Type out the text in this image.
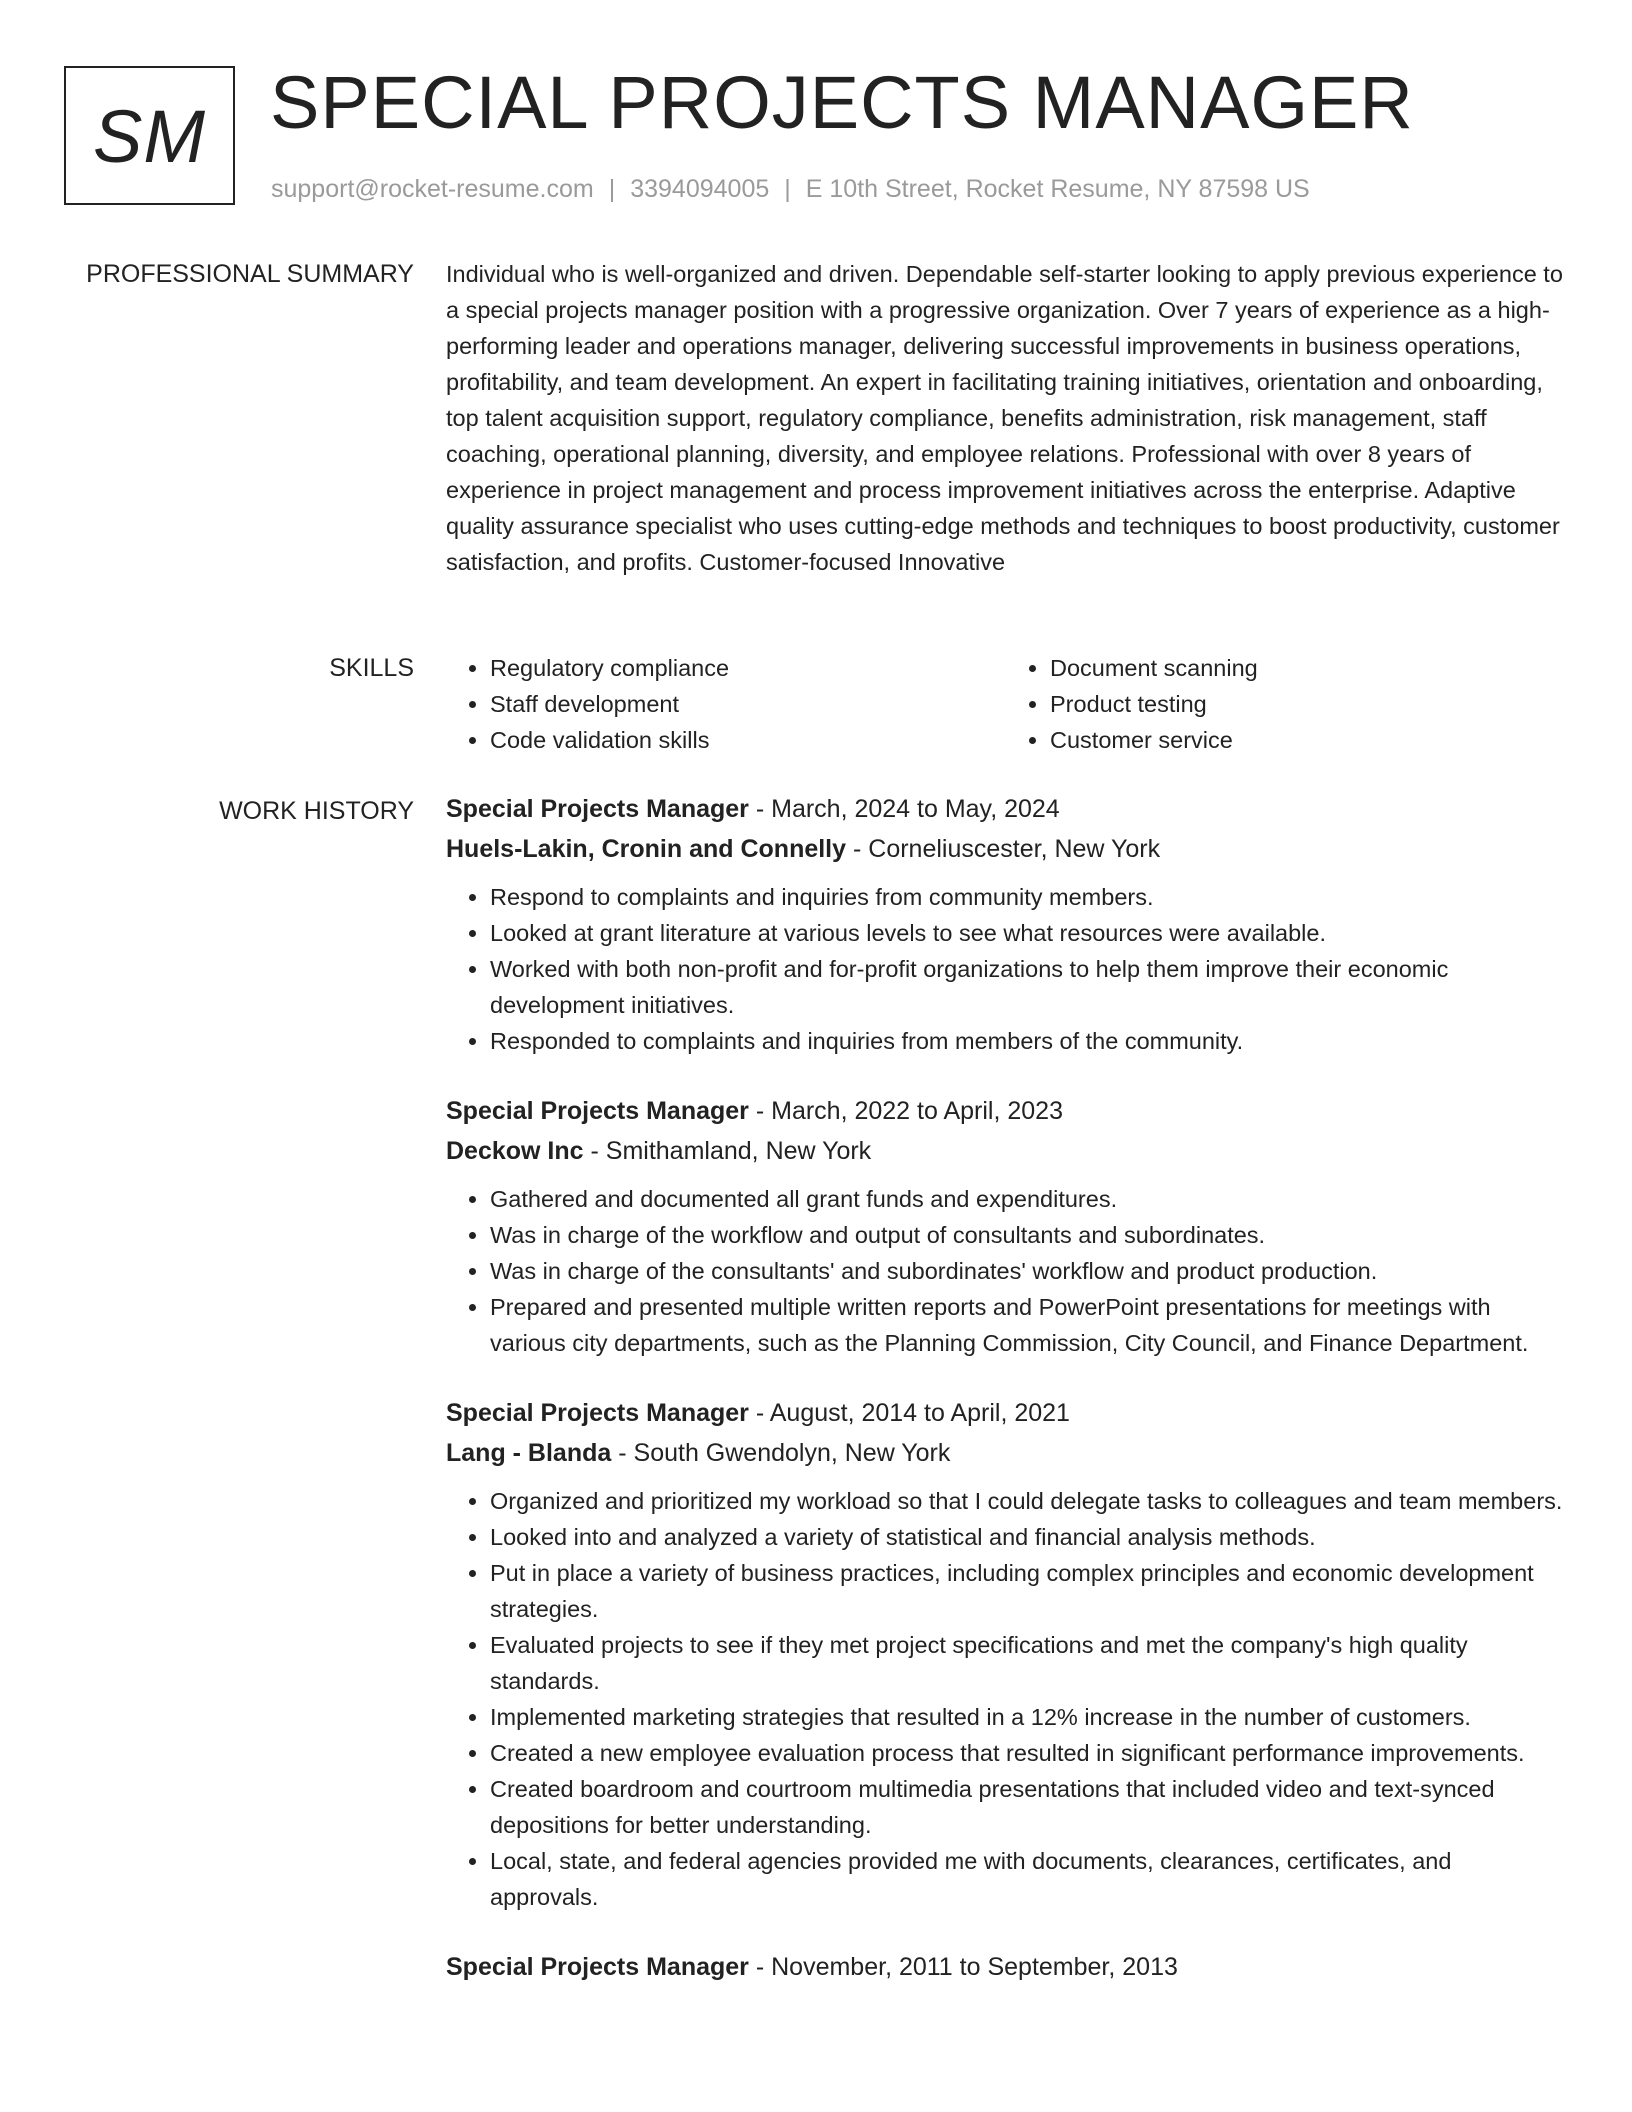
SM SPECIAL PROJECTS MANAGER
support@rocket-resume.com | 3394094005 | E 10th Street, Rocket Resume, NY 87598 US
PROFESSIONAL SUMMARY Individual who is well-organized and driven. Dependable self-starter looking to apply previous experience to a special projects manager position with a progressive organization. Over 7 years of experience as a high-performing leader and operations manager, delivering successful improvements in business operations, profitability, and team development. An expert in facilitating training initiatives, orientation and onboarding, top talent acquisition support, regulatory compliance, benefits administration, risk management, staff coaching, operational planning, diversity, and employee relations. Professional with over 8 years of experience in project management and process improvement initiatives across the enterprise. Adaptive quality assurance specialist who uses cutting-edge methods and techniques to boost productivity, customer satisfaction, and profits. Customer-focused Innovative

SKILLS
•	Regulatory compliance
• Staff development
• Code validation skills
• Document scanning
• Product testing
• Customer service
WORK HISTORY Special Projects Manager - March, 2024 to May, 2024
Huels-Lakin, Cronin and Connelly - Corneliuscester, New York
• Respond to complaints and inquiries from community members.
• Looked at grant literature at various levels to see what resources were available.
• Worked with both non-profit and for-profit organizations to help them improve their economic development initiatives.
• Responded to complaints and inquiries from members of the community.
Special Projects Manager - March, 2022 to April, 2023
Deckow Inc - Smithamland, New York
• Gathered and documented all grant funds and expenditures.
• Was in charge of the workflow and output of consultants and subordinates.
• Was in charge of the consultants' and subordinates' workflow and product production.
• Prepared and presented multiple written reports and PowerPoint presentations for meetings with various city departments, such as the Planning Commission, City Council, and Finance Department.
Special Projects Manager - August, 2014 to April, 2021
Lang - Blanda - South Gwendolyn, New York
• Organized and prioritized my workload so that I could delegate tasks to colleagues and team members.
• Looked into and analyzed a variety of statistical and financial analysis methods.
• Put in place a variety of business practices, including complex principles and economic development strategies.
• Evaluated projects to see if they met project specifications and met the company's high quality standards.
• Implemented marketing strategies that resulted in a 12% increase in the number of customers.
• Created a new employee evaluation process that resulted in significant performance improvements.
• Created boardroom and courtroom multimedia presentations that included video and text-synced depositions for better understanding.
• Local, state, and federal agencies provided me with documents, clearances, certificates, and approvals.
Special Projects Manager - November, 2011 to September, 2013
